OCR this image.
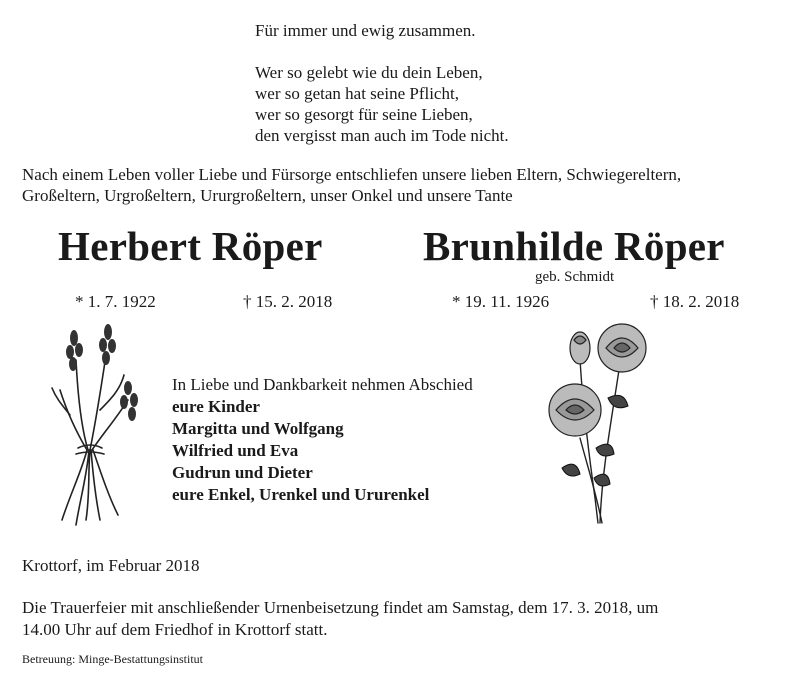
Für immer und ewig zusammen.

Wer so gelebt wie du dein Leben,

wer so getan hat seine Pflicht,

wer so gesorgt für seine Lieben,

den vergisst man auch im Tode nicht.

Nach einem Leben voller Liebe und Fürsorge entschliefen unsere lieben Eltern, Schwiegereltern,
Großeltern, Urgroßeltern, Ururgroßeltern, unser Onkel und unsere Tante
Herbert Röper Brunhilde Röper
geb. Schmidt
* 1. 7. 1922	† 15. 2. 2018	* 19. 11. 1926	† 18. 2. 2018
In Liebe und Dankbarkeit nehmen Abschied
eure Kinder
Margitta und Wolfgang
Wilfried und Eva
Gudrun und Dieter
eure Enkel, Urenkel und Ururenkel
Krottorf, im Februar 2018
Die Trauerfeier mit anschließender Urnenbeisetzung findet am Samstag, dem 17. 3. 2018, um
14.00 Uhr auf dem Friedhof in Krottorf statt.
Betreuung: Minge-Bestattungsinstitut
